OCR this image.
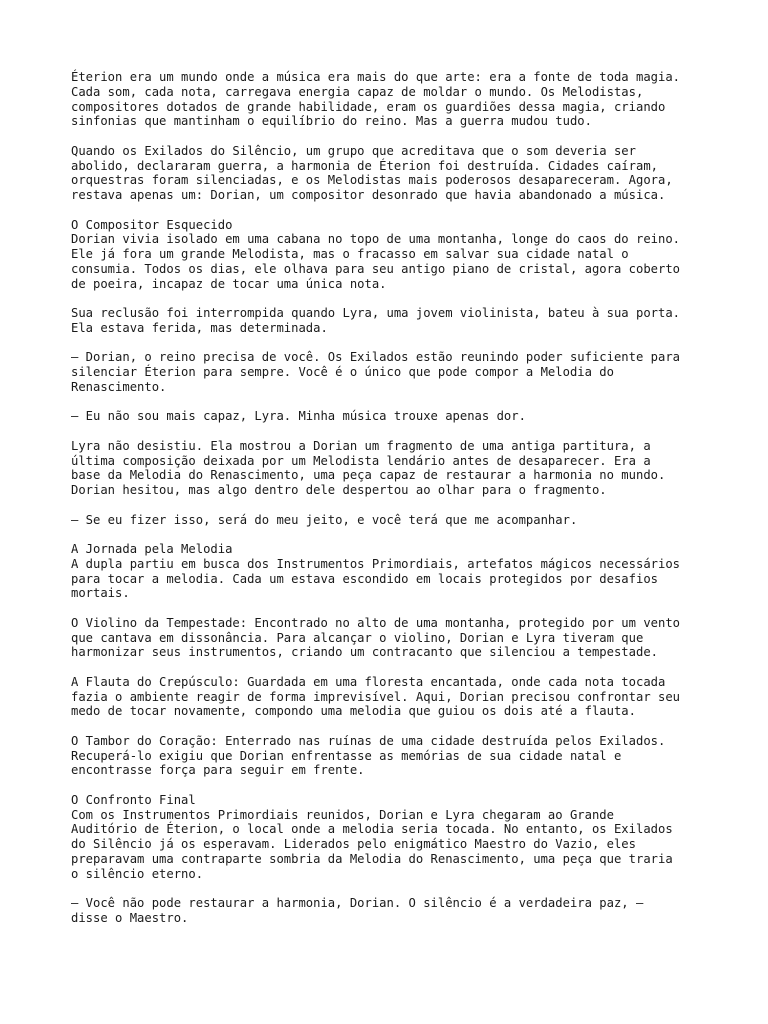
Éterion era um mundo onde a música era mais do que arte: era a fonte de toda magia.
Cada som, cada nota, carregava energia capaz de moldar o mundo. Os Melodistas,
compositores dotados de grande habilidade, eram os guardiões dessa magia, criando
sinfonias que mantinham o equilíbrio do reino. Mas a guerra mudou tudo.

Quando os Exilados do Silêncio, um grupo que acreditava que o som deveria ser
abolido, declararam guerra, a harmonia de Éterion foi destruída. Cidades caíram,
orquestras foram silenciadas, e os Melodistas mais poderosos desapareceram. Agora,
restava apenas um: Dorian, um compositor desonrado que havia abandonado a música.

O Compositor Esquecido
Dorian vivia isolado em uma cabana no topo de uma montanha, longe do caos do reino.
Ele já fora um grande Melodista, mas o fracasso em salvar sua cidade natal o
consumia. Todos os dias, ele olhava para seu antigo piano de cristal, agora coberto
de poeira, incapaz de tocar uma única nota.

Sua reclusão foi interrompida quando Lyra, uma jovem violinista, bateu à sua porta.
Ela estava ferida, mas determinada.

— Dorian, o reino precisa de você. Os Exilados estão reunindo poder suficiente para
silenciar Éterion para sempre. Você é o único que pode compor a Melodia do
Renascimento.

— Eu não sou mais capaz, Lyra. Minha música trouxe apenas dor.

Lyra não desistiu. Ela mostrou a Dorian um fragmento de uma antiga partitura, a
última composição deixada por um Melodista lendário antes de desaparecer. Era a
base da Melodia do Renascimento, uma peça capaz de restaurar a harmonia no mundo.
Dorian hesitou, mas algo dentro dele despertou ao olhar para o fragmento.

— Se eu fizer isso, será do meu jeito, e você terá que me acompanhar.

A Jornada pela Melodia
A dupla partiu em busca dos Instrumentos Primordiais, artefatos mágicos necessários
para tocar a melodia. Cada um estava escondido em locais protegidos por desafios
mortais.

O Violino da Tempestade: Encontrado no alto de uma montanha, protegido por um vento
que cantava em dissonância. Para alcançar o violino, Dorian e Lyra tiveram que
harmonizar seus instrumentos, criando um contracanto que silenciou a tempestade.

A Flauta do Crepúsculo: Guardada em uma floresta encantada, onde cada nota tocada
fazia o ambiente reagir de forma imprevisível. Aqui, Dorian precisou confrontar seu
medo de tocar novamente, compondo uma melodia que guiou os dois até a flauta.

O Tambor do Coração: Enterrado nas ruínas de uma cidade destruída pelos Exilados.
Recuperá-lo exigiu que Dorian enfrentasse as memórias de sua cidade natal e
encontrasse força para seguir em frente.

O Confronto Final
Com os Instrumentos Primordiais reunidos, Dorian e Lyra chegaram ao Grande
Auditório de Éterion, o local onde a melodia seria tocada. No entanto, os Exilados
do Silêncio já os esperavam. Liderados pelo enigmático Maestro do Vazio, eles
preparavam uma contraparte sombria da Melodia do Renascimento, uma peça que traria
o silêncio eterno.

— Você não pode restaurar a harmonia, Dorian. O silêncio é a verdadeira paz, —
disse o Maestro.
